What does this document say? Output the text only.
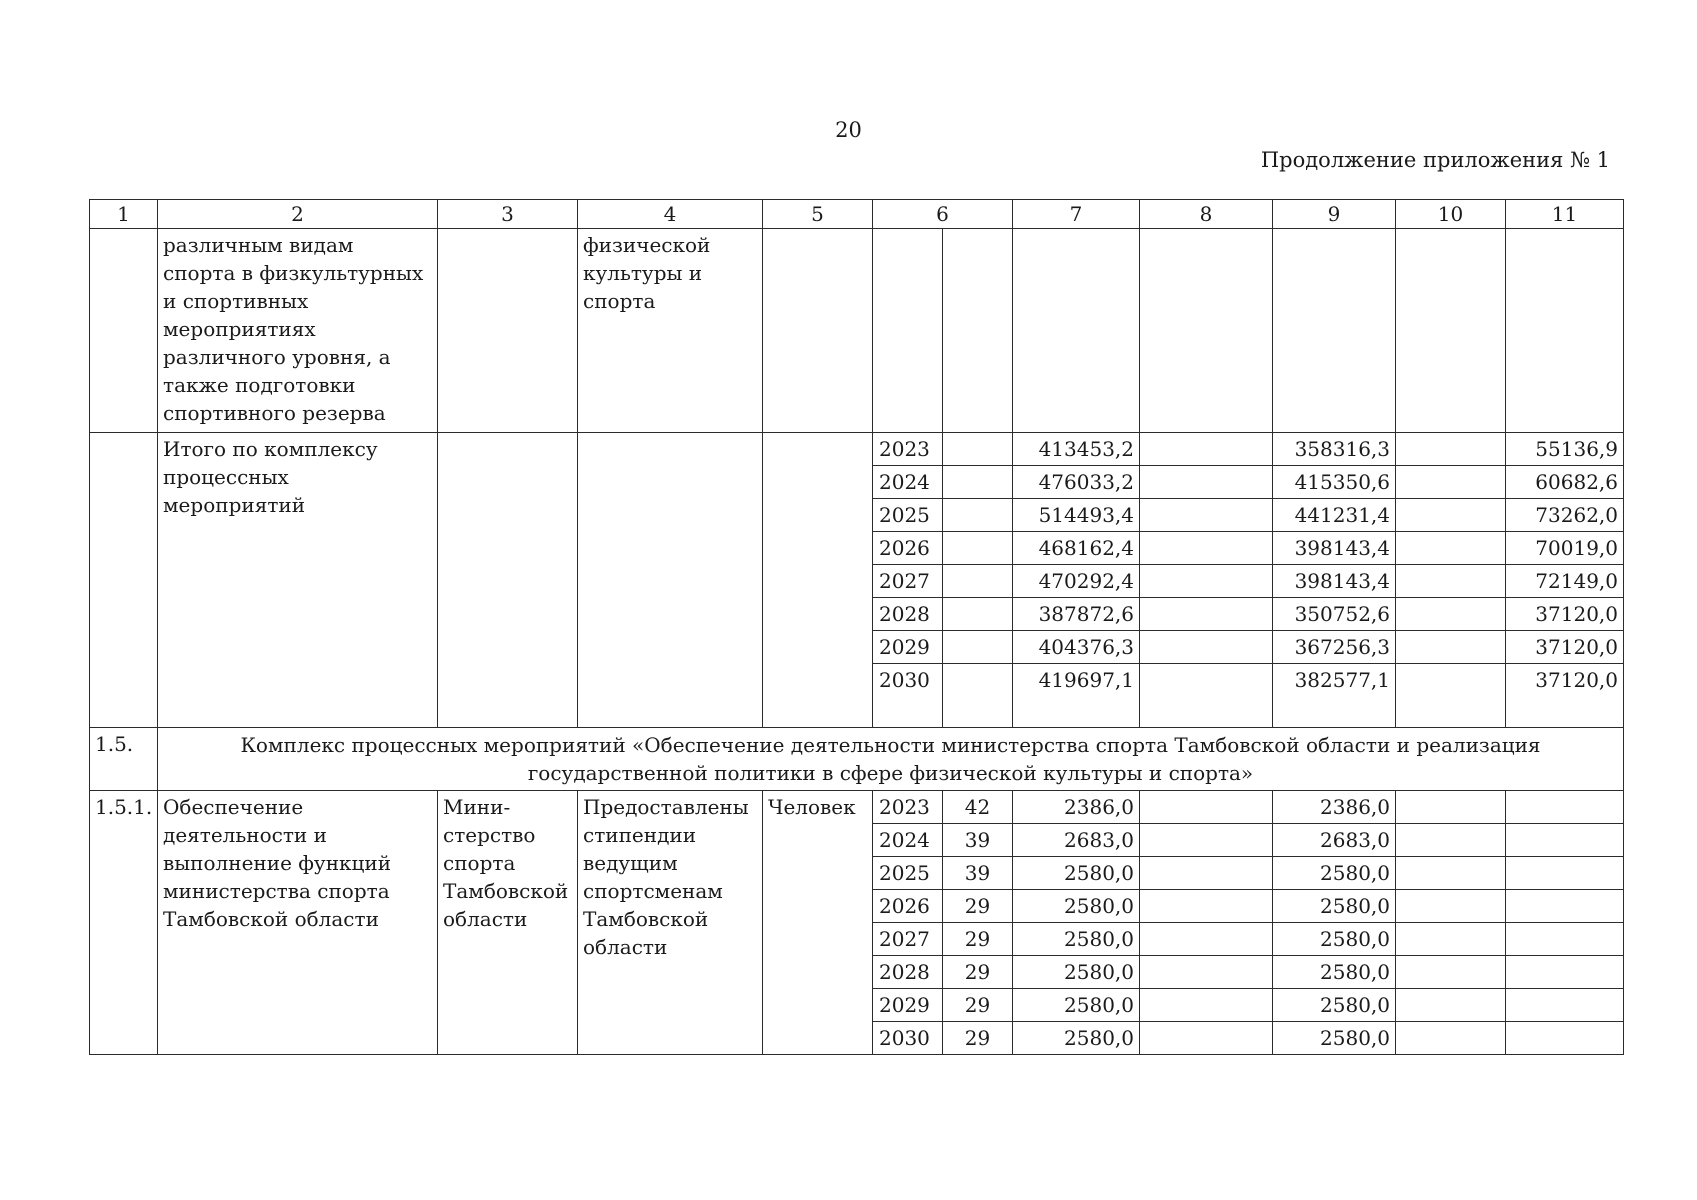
20
Продолжение приложения № 1
1	2	3	4	5	6		7	8	9	10	11
	различным видам спорта в физкультурных и спортивных мероприятиях различного уровня, а также подготовки спортивного резерва		физической культуры и спорта								
	Итого по комплексу процессных мероприятий				2023		413453,2		358316,3		55136,9
					2024		476033,2		415350,6		60682,6
					2025		514493,4		441231,4		73262,0
					2026		468162,4		398143,4		70019,0
					2027		470292,4		398143,4		72149,0
					2028		387872,6		350752,6		37120,0
					2029		404376,3		367256,3		37120,0
					2030		419697,1		382577,1		37120,0
1.5.	Комплекс процессных мероприятий «Обеспечение деятельности министерства спорта Тамбовской области и реализация государственной политики в сфере физической культуры и спорта»										
1.5.1.	Обеспечение деятельности и выполнение функций министерства спорта Тамбовской области	Мини-стерство спорта Тамбовской области	Предоставлены стипендии ведущим спортсменам Тамбовской области	Человек	2023	42	2386,0		2386,0		
					2024	39	2683,0		2683,0		
					2025	39	2580,0		2580,0		
					2026	29	2580,0		2580,0		
					2027	29	2580,0		2580,0		
					2028	29	2580,0		2580,0		
					2029	29	2580,0		2580,0		
					2030	29	2580,0		2580,0		
